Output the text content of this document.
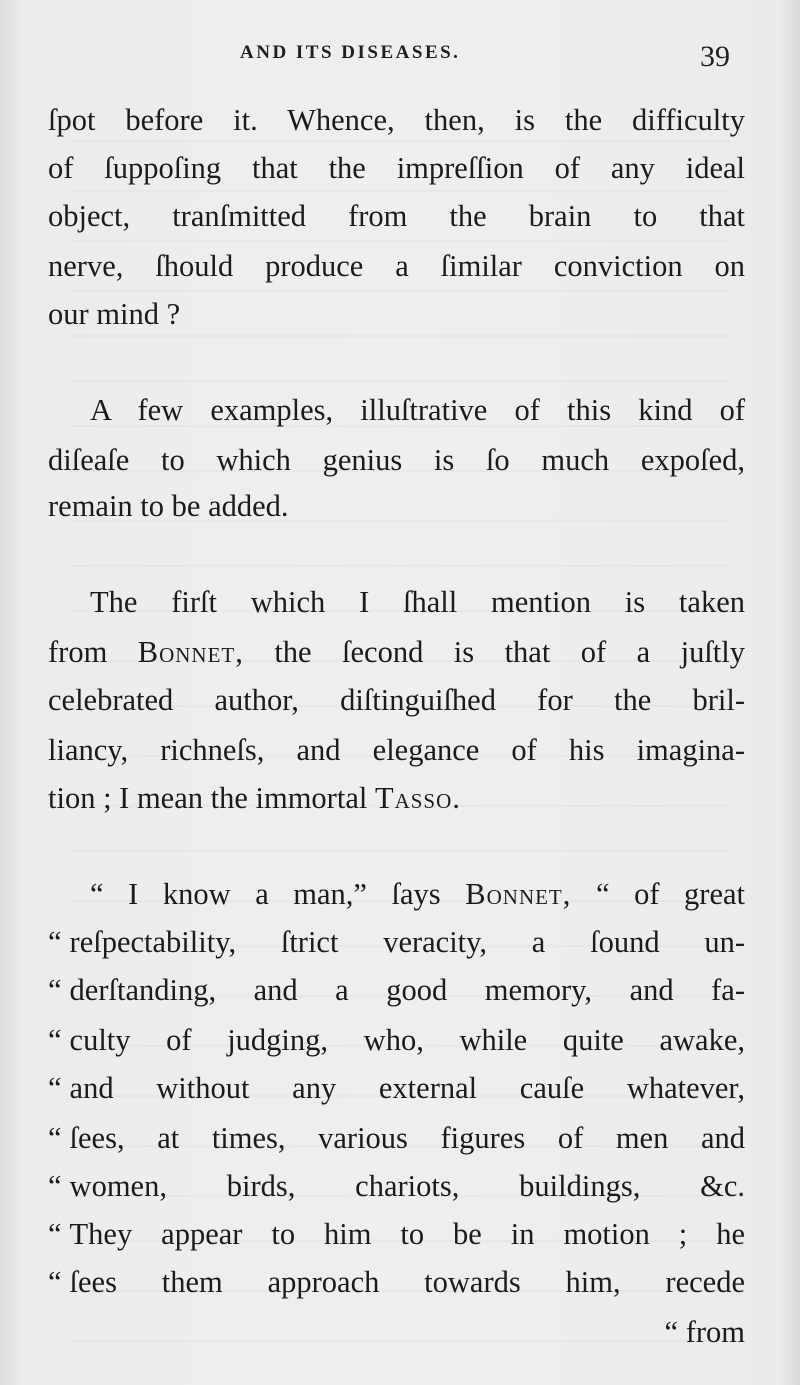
AND ITS DISEASES.	39
ſpot before it. Whence, then, is the difficulty
of ſuppoſing that the impreſſion of any ideal
object, tranſmitted from the brain to that
nerve, ſhould produce a ſimilar conviction on
our mind ?
A few examples, illuſtrative of this kind of
diſeaſe to which genius is ſo much expoſed,
remain to be added.
The firſt which I ſhall mention is taken
from Bonnet, the ſecond is that of a juſtly
celebrated author, diſtinguiſhed for the bril-
liancy, richneſs, and elegance of his imagina-
tion ; I mean the immortal Tasso.
“ I know a man,” ſays Bonnet, “ of great
“ reſpectability, ſtrict veracity, a ſound un-
“ derſtanding, and a good memory, and fa-
“ culty of judging, who, while quite awake,
“ and without any external cauſe whatever,
“ ſees, at times, various figures of men and
“ women, birds, chariots, buildings, &c.
“ They appear to him to be in motion ; he
“ ſees them approach towards him, recede
“ from
